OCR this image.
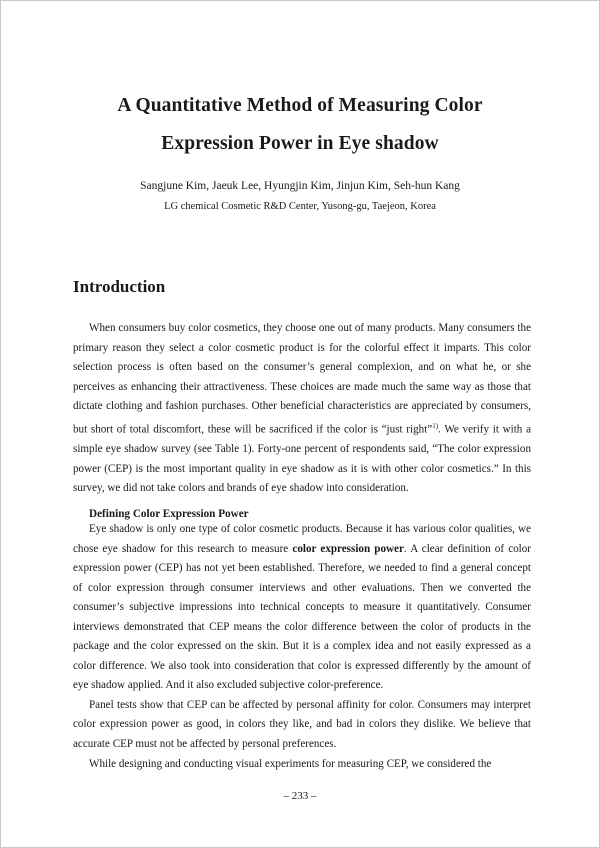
A Quantitative Method of Measuring Color
Expression Power in Eye shadow
Sangjune Kim, Jaeuk Lee, Hyungjin Kim, Jinjun Kim, Seh-hun Kang
LG chemical Cosmetic R&D Center, Yusong-gu, Taejeon, Korea
Introduction

When consumers buy color cosmetics, they choose one out of many products. Many consumers the primary reason they select a color cosmetic product is for the colorful effect it imparts. This color selection process is often based on the consumer’s general complexion, and on what he, or she perceives as enhancing their attractiveness. These choices are made much the same way as those that dictate clothing and fashion purchases. Other beneficial characteristics are appreciated by consumers, but short of total discomfort, these will be sacrificed if the color is “just right”$^{1)}$. We verify it with a simple eye shadow survey (see Table 1). Forty-one percent of respondents said, “The color expression power (CEP) is the most important quality in eye shadow as it is with other color cosmetics.” In this survey, we did not take colors and brands of eye shadow into consideration.

Defining Color Expression Power

Eye shadow is only one type of color cosmetic products. Because it has various color qualities, we chose eye shadow for this research to measure color expression power. A clear definition of color expression power (CEP) has not yet been established. Therefore, we needed to find a general concept of color expression through consumer interviews and other evaluations. Then we converted the consumer’s subjective impressions into technical concepts to measure it quantitatively. Consumer interviews demonstrated that CEP means the color difference between the color of products in the package and the color expressed on the skin. But it is a complex idea and not easily expressed as a color difference. We also took into consideration that color is expressed differently by the amount of eye shadow applied. And it also excluded subjective color-preference.

Panel tests show that CEP can be affected by personal affinity for color. Consumers may interpret color expression power as good, in colors they like, and bad in colors they dislike. We believe that accurate CEP must not be affected by personal preferences.

While designing and conducting visual experiments for measuring CEP, we considered the

– 233 –
